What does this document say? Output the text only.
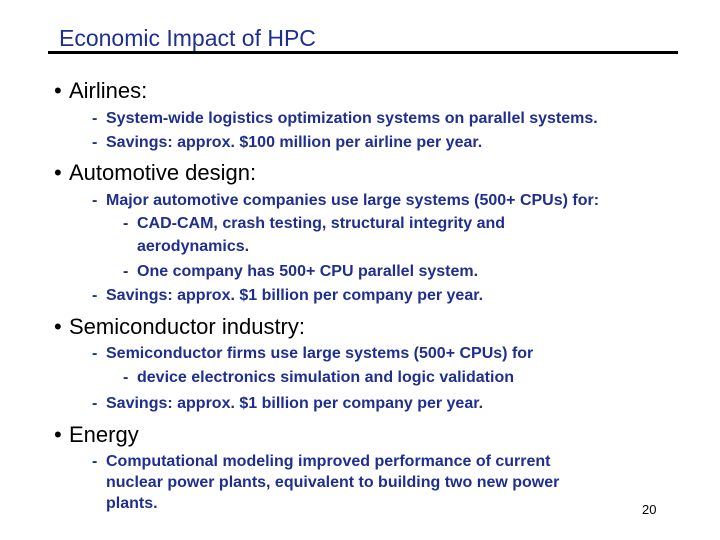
Economic Impact of HPC
• Airlines:
- System-wide logistics optimization systems on parallel systems.
- Savings: approx. $100 million per airline per year.
• Automotive design:
- Major automotive companies use large systems (500+ CPUs) for:
- CAD-CAM, crash testing, structural integrity and
aerodynamics.
- One company has 500+ CPU parallel system.
- Savings: approx. $1 billion per company per year.
• Semiconductor industry:
- Semiconductor firms use large systems (500+ CPUs) for
- device electronics simulation and logic validation
- Savings: approx. $1 billion per company per year.
• Energy
- Computational modeling improved performance of current
nuclear power plants, equivalent to building two new power
plants.	20
